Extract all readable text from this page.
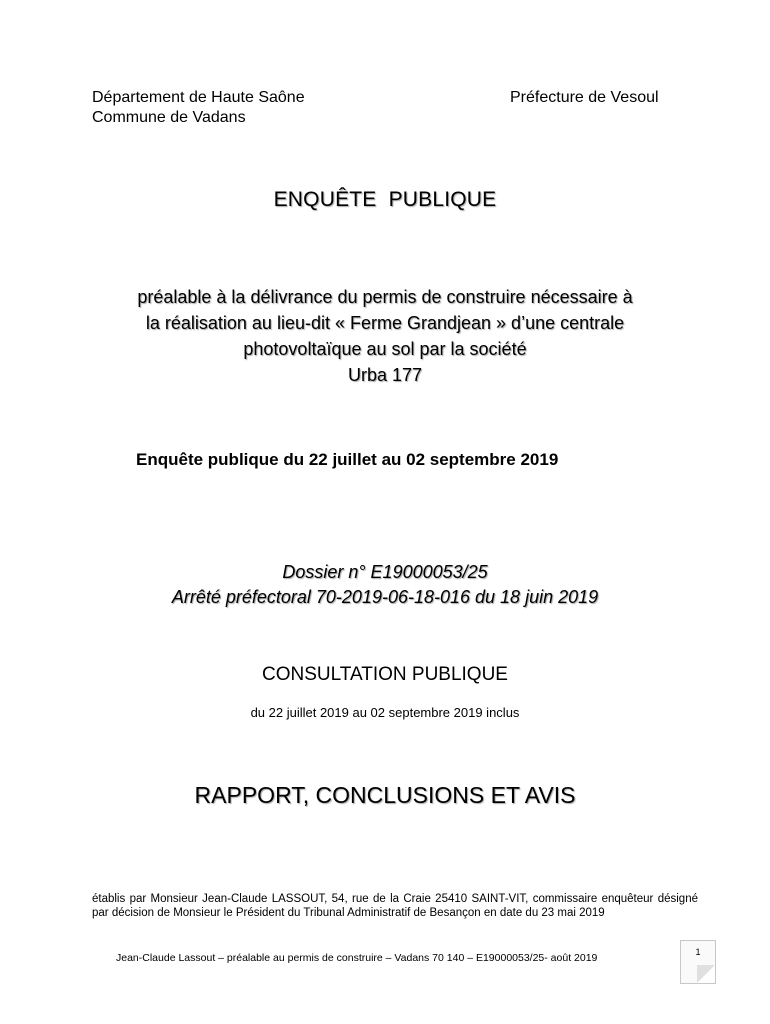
Département de Haute Saône

Commune de Vadans

Préfecture de Vesoul

ENQUÊTE  PUBLIQUE
préalable à la délivrance du permis de construire nécessaire à
la réalisation au lieu-dit « Ferme Grandjean » d’une centrale
photovoltaïque au sol par la société
Urba 177

Enquête publique du 22 juillet au 02 septembre 2019

Dossier n° E19000053/25
Arrêté préfectoral 70-2019-06-18-016 du 18 juin 2019

CONSULTATION PUBLIQUE

du 22 juillet 2019 au 02 septembre 2019 inclus

RAPPORT, CONCLUSIONS ET AVIS

établis par Monsieur Jean-Claude LASSOUT, 54, rue de la Craie 25410 SAINT-VIT, commissaire enquêteur désigné par décision de Monsieur le Président du Tribunal Administratif de Besançon en date du 23 mai 2019

Jean-Claude Lassout – préalable au permis de construire – Vadans 70 140 – E19000053/25- août 2019	1
